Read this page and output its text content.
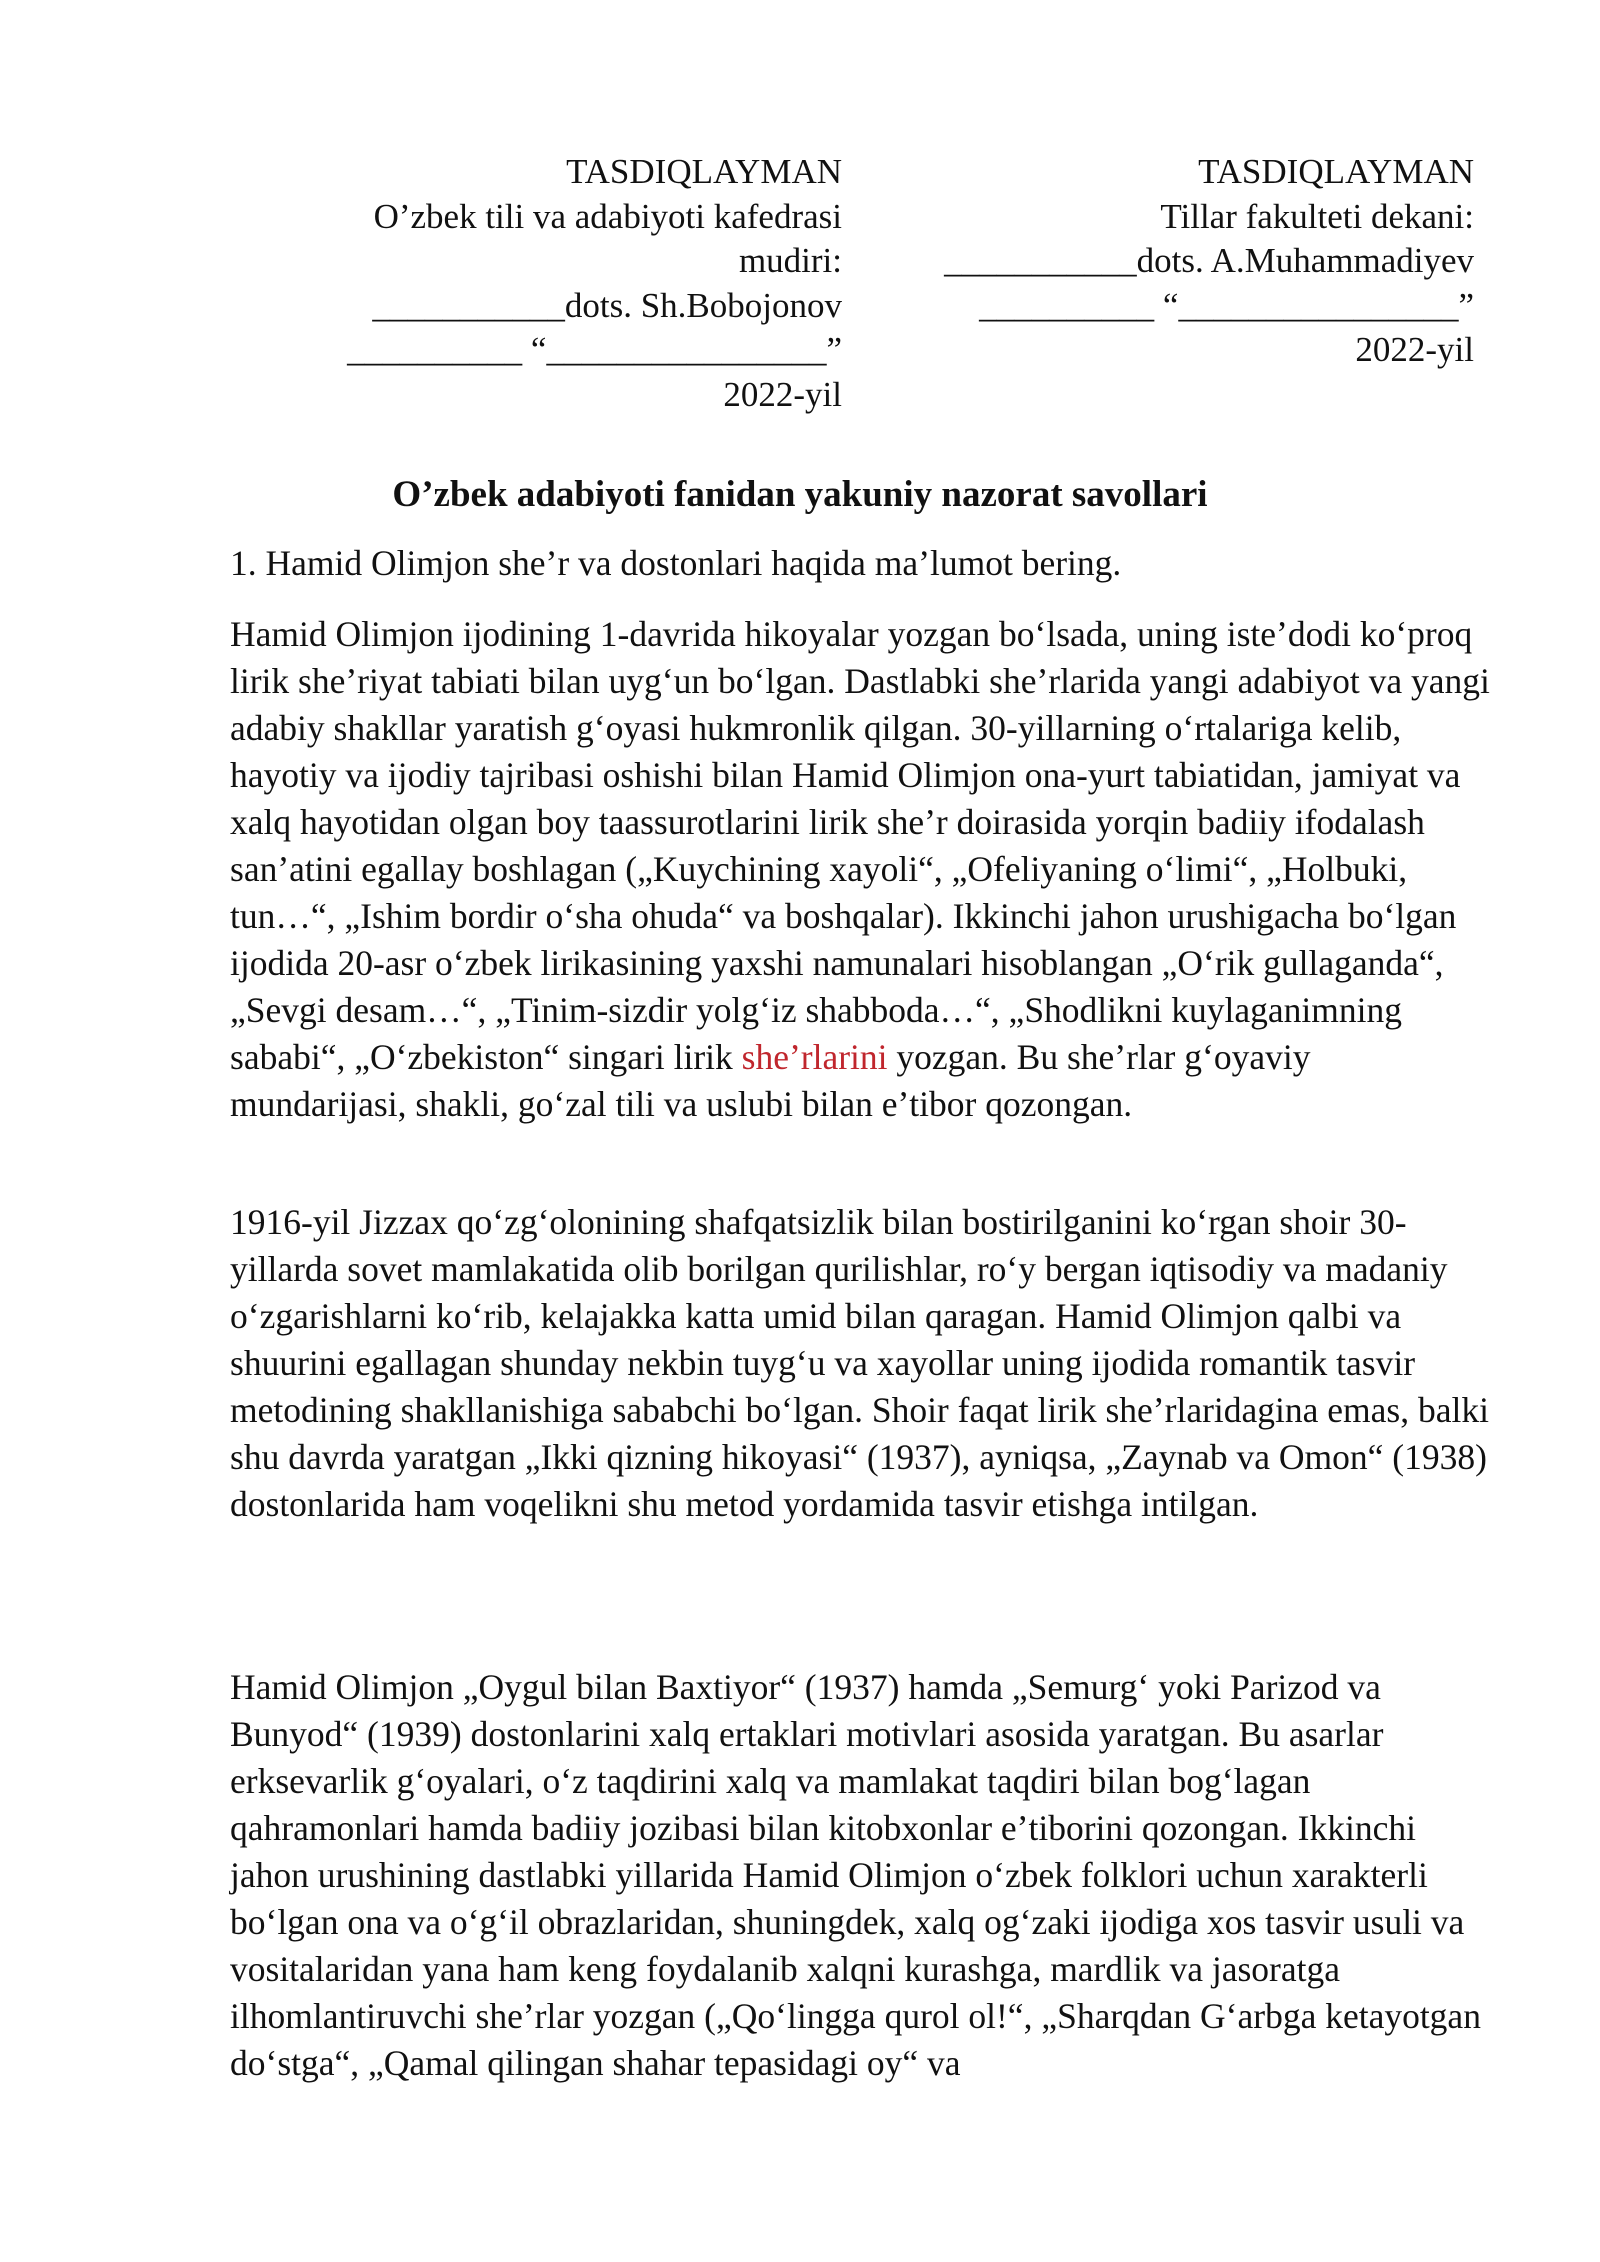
TASDIQLAYMAN
O’zbek tili va adabiyoti kafedrasi
mudiri:
___________dots. Sh.Bobojonov
__________ “________________”
2022-yil
TASDIQLAYMAN
Tillar fakulteti dekani:
___________dots. A.Muhammadiyev
__________ “________________”
2022-yil
O’zbek adabiyoti fanidan yakuniy nazorat savollari
1. Hamid Olimjon she’r va dostonlari haqida ma’lumot bering.

Hamid Olimjon ijodining 1-davrida hikoyalar yozgan boʻlsada, uning isteʼdodi koʻproq lirik sheʼriyat tabiati bilan uygʻun boʻlgan. Dastlabki sheʼrlarida yangi adabiyot va yangi adabiy shakllar yaratish gʻoyasi hukmronlik qilgan. 30-yillarning oʻrtalariga kelib, hayotiy va ijodiy tajribasi oshishi bilan Hamid Olimjon ona-yurt tabiatidan, jamiyat va xalq hayotidan olgan boy taassurotlarini lirik sheʼr doirasida yorqin badiiy ifodalash sanʼatini egallay boshlagan („Kuychining xayoli“, „Ofeliyaning oʻlimi“, „Holbuki, tun…“, „Ishim bordir oʻsha ohuda“ va boshqalar). Ikkinchi jahon urushigacha boʻlgan ijodida 20-asr oʻzbek lirikasining yaxshi namunalari hisoblangan „Oʻrik gullaganda“, „Sevgi desam…“, „Tinim-sizdir yolgʻiz shabboda…“, „Shodlikni kuylaganimning sababi“, „Oʻzbekiston“ singari lirik sheʼrlarini yozgan. Bu sheʼrlar gʻoyaviy mundarijasi, shakli, goʻzal tili va uslubi bilan eʼtibor qozongan.

1916-yil Jizzax qoʻzgʻolonining shafqatsizlik bilan bostirilganini koʻrgan shoir 30-yillarda sovet mamlakatida olib borilgan qurilishlar, roʻy bergan iqtisodiy va madaniy oʻzgarishlarni koʻrib, kelajakka katta umid bilan qaragan. Hamid Olimjon qalbi va shuurini egallagan shunday nekbin tuygʻu va xayollar uning ijodida romantik tasvir metodining shakllanishiga sababchi boʻlgan. Shoir faqat lirik sheʼrlaridagina emas, balki shu davrda yaratgan „Ikki qizning hikoyasi“ (1937), ayniqsa, „Zaynab va Omon“ (1938) dostonlarida ham voqelikni shu metod yordamida tasvir etishga intilgan.

Hamid Olimjon „Oygul bilan Baxtiyor“ (1937) hamda „Semurgʻ yoki Parizod va Bunyod“ (1939) dostonlarini xalq ertaklari motivlari asosida yaratgan. Bu asarlar erksevarlik gʻoyalari, oʻz taqdirini xalq va mamlakat taqdiri bilan bogʻlagan qahramonlari hamda badiiy jozibasi bilan kitobxonlar eʼtiborini qozongan. Ikkinchi jahon urushining dastlabki yillarida Hamid Olimjon oʻzbek folklori uchun xarakterli boʻlgan ona va oʻgʻil obrazlaridan, shuningdek, xalq ogʻzaki ijodiga xos tasvir usuli va vositalaridan yana ham keng foydalanib xalqni kurashga, mardlik va jasoratga ilhomlantiruvchi sheʼrlar yozgan („Qoʻlingga qurol ol!“, „Sharqdan Gʻarbga ketayotgan doʻstga“, „Qamal qilingan shahar tepasidagi oy“ va
